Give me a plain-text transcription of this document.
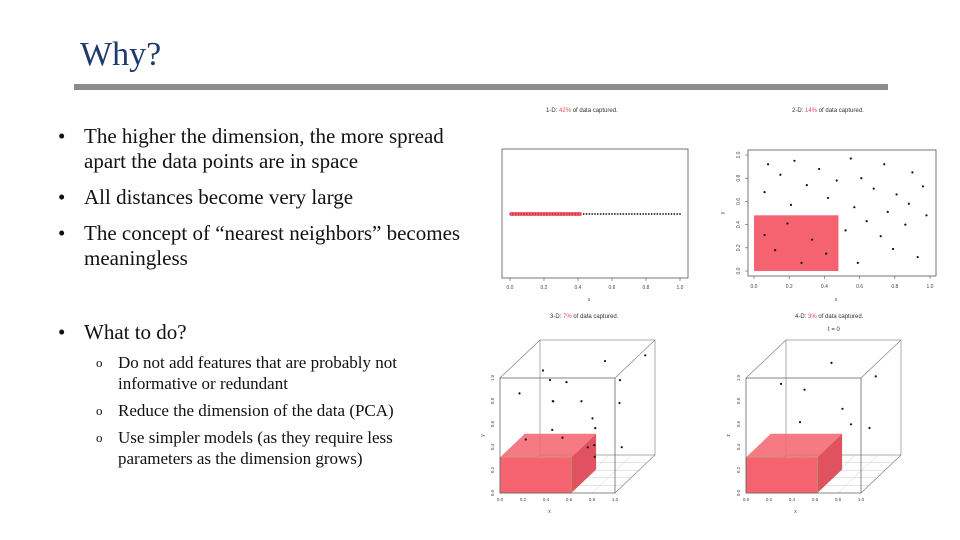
Why?
• The higher the dimension, the more spread apart the data points are in space
• All distances become very large
• The concept of “nearest neighbors” becomes meaningless
• What to do?
o Do not add features that are probably not informative or redundant
o Reduce the dimension of the data (PCA)
o Use simpler models (as they require less parameters as the dimension grows)
1-D: 42% of data captured.	2-D: 14% of data captured.
3-D: 7% of data captured.	4-D: 3% of data captured.
t = 0
0.0	0.2	0.4	0.6	0.8	1.0
x
0.0	0.2	0.4	0.6	0.8	1.0
0.0
0.2
0.4
0.6
0.8
1.0
x
y
0.0	0.2	0.4	0.6	0.8	1.0
0.0
0.2
0.4
0.6
0.8
1.0
x
y
0.0	0.2	0.4	0.6	0.8	1.0
0.0
0.2
0.4
0.6
0.8
1.0
x
z
